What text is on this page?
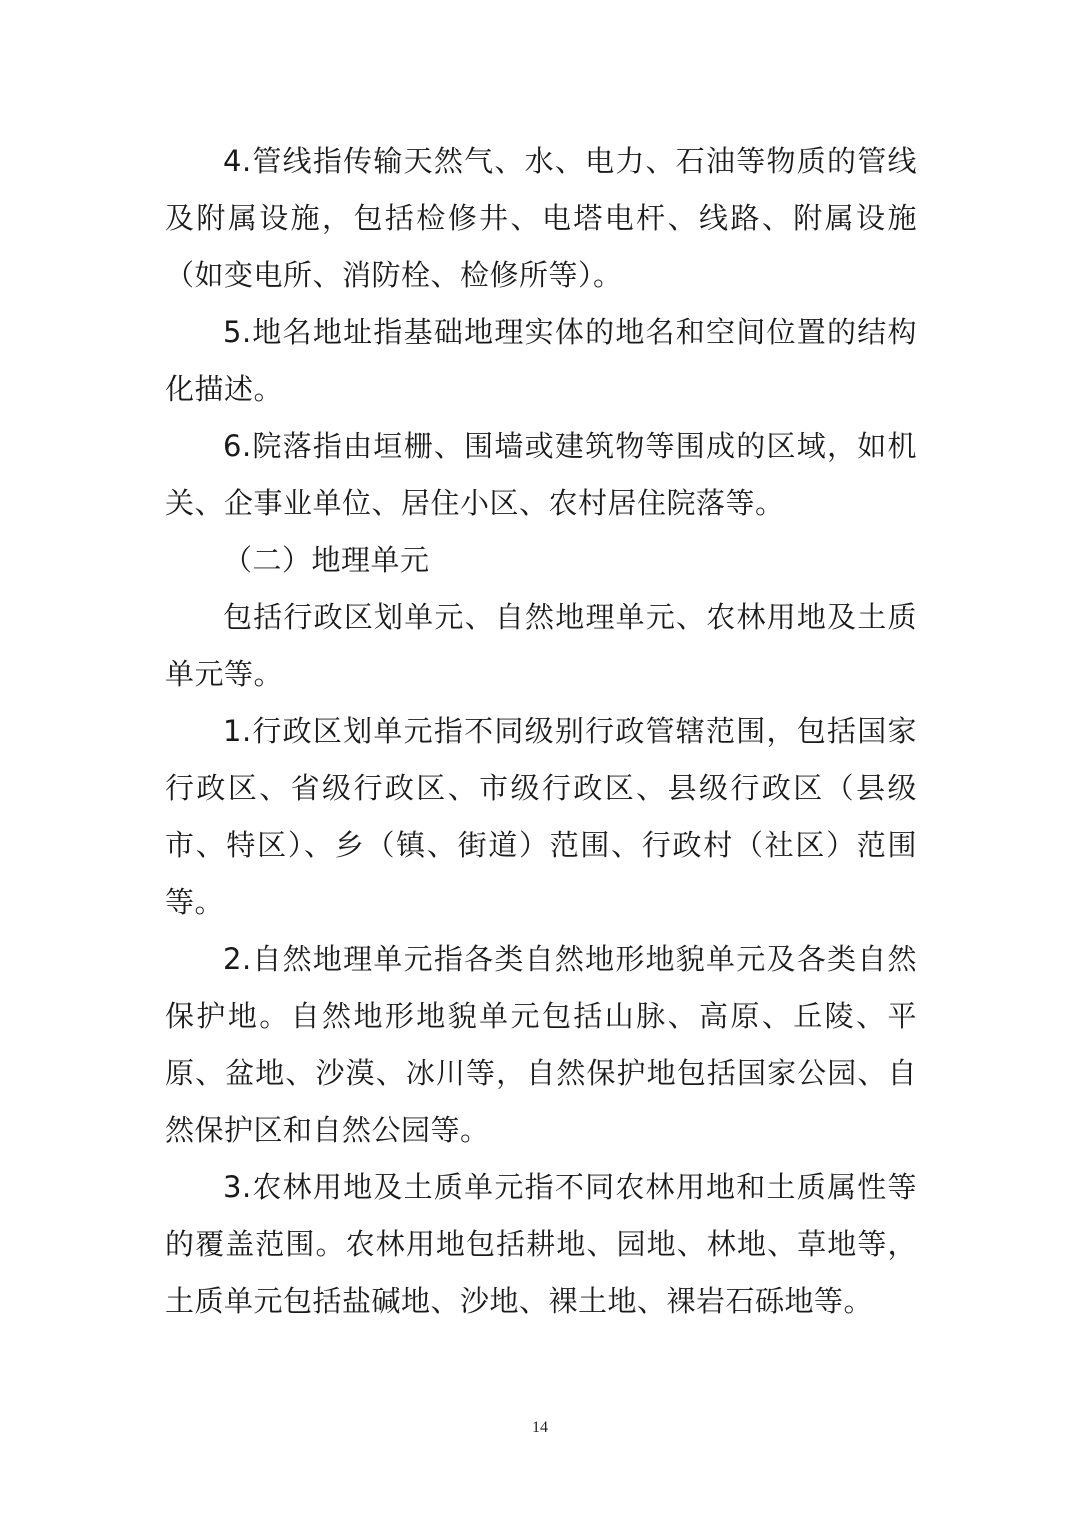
4.管线指传输天然气、水、电力、石油等物质的管线及附属设施，包括检修井、电塔电杆、线路、附属设施（如变电所、消防栓、检修所等）。

5.地名地址指基础地理实体的地名和空间位置的结构化描述。

6.院落指由垣栅、围墙或建筑物等围成的区域，如机关、企事业单位、居住小区、农村居住院落等。

（二）地理单元

包括行政区划单元、自然地理单元、农林用地及土质单元等。

1.行政区划单元指不同级别行政管辖范围，包括国家行政区、省级行政区、市级行政区、县级行政区（县级市、特区）、乡（镇、街道）范围、行政村（社区）范围等。

2.自然地理单元指各类自然地形地貌单元及各类自然保护地。自然地形地貌单元包括山脉、高原、丘陵、平原、盆地、沙漠、冰川等，自然保护地包括国家公园、自然保护区和自然公园等。

3.农林用地及土质单元指不同农林用地和土质属性等的覆盖范围。农林用地包括耕地、园地、林地、草地等，土质单元包括盐碱地、沙地、裸土地、裸岩石砾地等。

14
